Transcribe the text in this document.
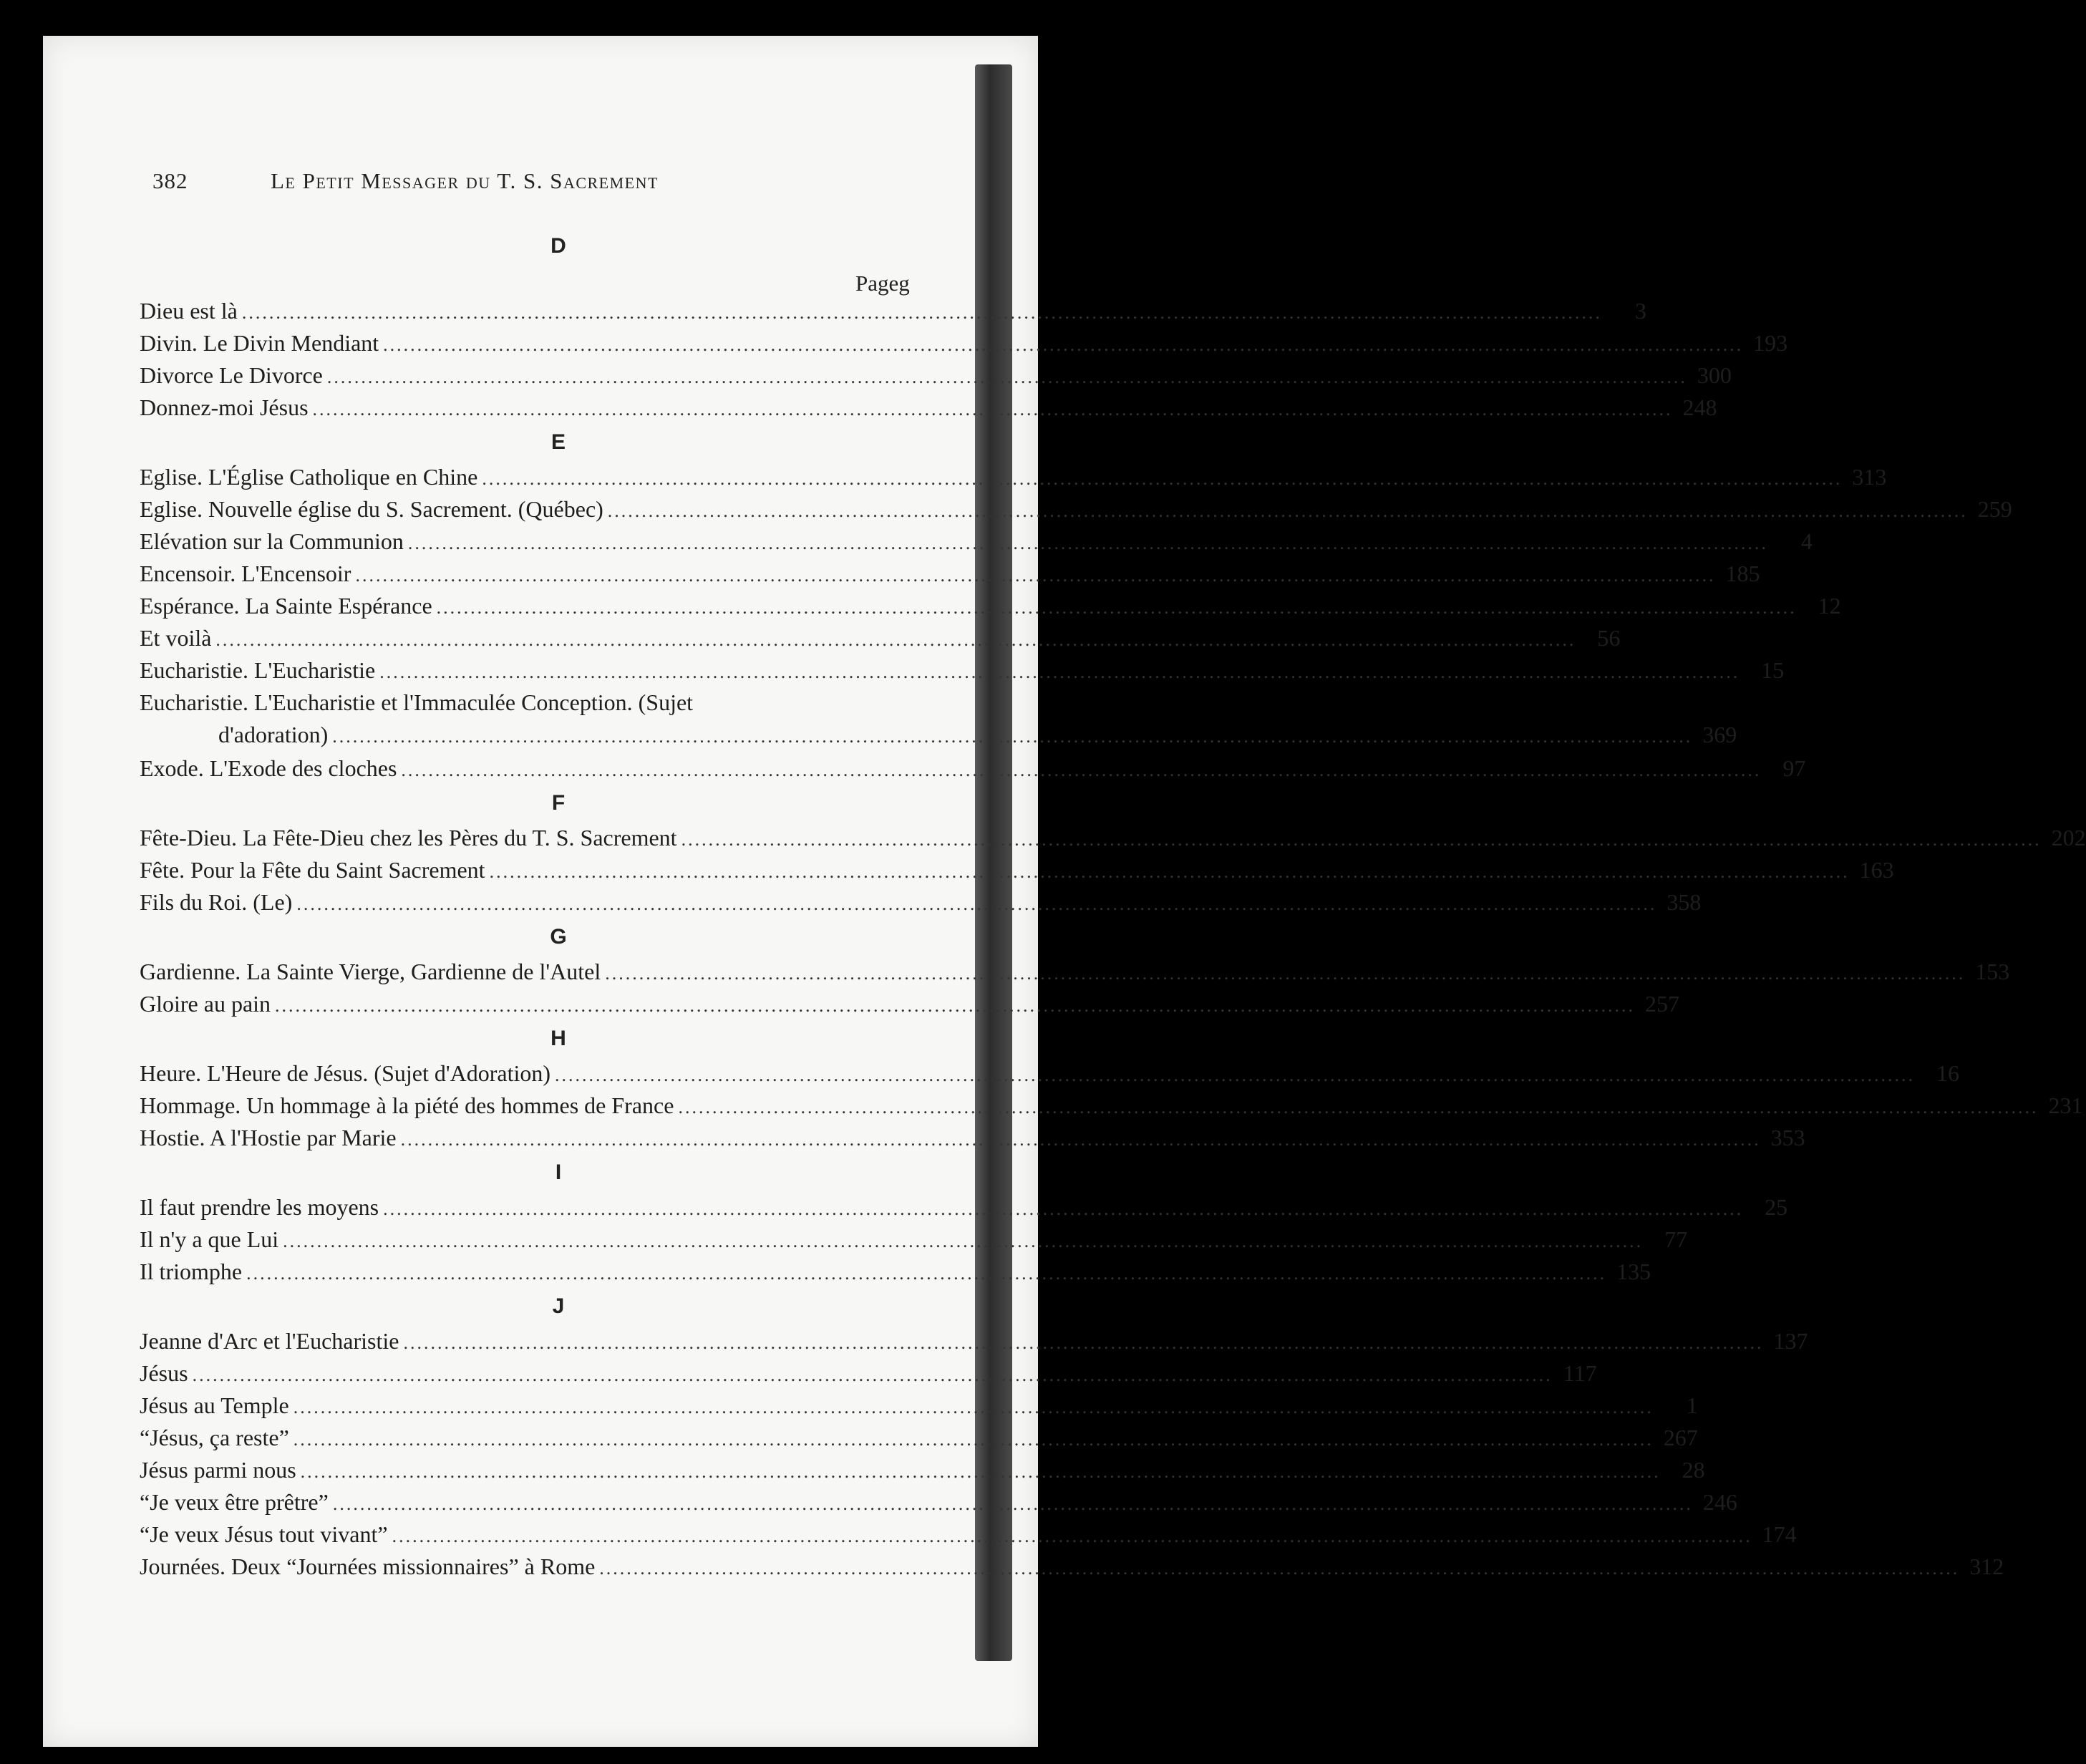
382	Le Petit Messager du T. S. Sacrement
Pageg
D
Dieu est là ........................................................................................................................................................................................................	3
Divin. Le Divin Mendiant ........................................................................................................................................................................................................ 193
Divorce Le Divorce ........................................................................................................................................................................................................ 300
Donnez-moi Jésus ........................................................................................................................................................................................................ 248
E
Eglise. L'Église Catholique en Chine ........................................................................................................................................................................................................ 313
Eglise. Nouvelle église du S. Sacrement. (Québec) ........................................................................................................................................................................................................ 259
Elévation sur la Communion ........................................................................................................................................................................................................	4
Encensoir. L'Encensoir ........................................................................................................................................................................................................ 185
Espérance. La Sainte Espérance ........................................................................................................................................................................................................ 12
Et voilà ........................................................................................................................................................................................................ 56
Eucharistie. L'Eucharistie ........................................................................................................................................................................................................ 15
Eucharistie. L'Eucharistie et l'Immaculée Conception. (Sujet
d'adoration) ........................................................................................................................................................................................................ 369
Exode. L'Exode des cloches ........................................................................................................................................................................................................ 97
F
Fête-Dieu. La Fête-Dieu chez les Pères du T. S. Sacrement ........................................................................................................................................................................................................ 202
Fête. Pour la Fête du Saint Sacrement ........................................................................................................................................................................................................ 163
Fils du Roi. (Le) ........................................................................................................................................................................................................ 358
G
Gardienne. La Sainte Vierge, Gardienne de l'Autel ........................................................................................................................................................................................................ 153
Gloire au pain ........................................................................................................................................................................................................ 257
H
Heure. L'Heure de Jésus. (Sujet d'Adoration) ........................................................................................................................................................................................................ 16
Hommage. Un hommage à la piété des hommes de France ........................................................................................................................................................................................................ 231
Hostie. A l'Hostie par Marie ........................................................................................................................................................................................................ 353
I
Il faut prendre les moyens ........................................................................................................................................................................................................ 25
Il n'y a que Lui ........................................................................................................................................................................................................ 77
Il triomphe ........................................................................................................................................................................................................ 135
J
Jeanne d'Arc et l'Eucharistie ........................................................................................................................................................................................................ 137
Jésus ........................................................................................................................................................................................................ 117
Jésus au Temple ........................................................................................................................................................................................................	1
“Jésus, ça reste” ........................................................................................................................................................................................................ 267
Jésus parmi nous ........................................................................................................................................................................................................ 28
“Je veux être prêtre” ........................................................................................................................................................................................................ 246
“Je veux Jésus tout vivant” ........................................................................................................................................................................................................ 174
Journées. Deux “Journées missionnaires” à Rome ........................................................................................................................................................................................................ 312
